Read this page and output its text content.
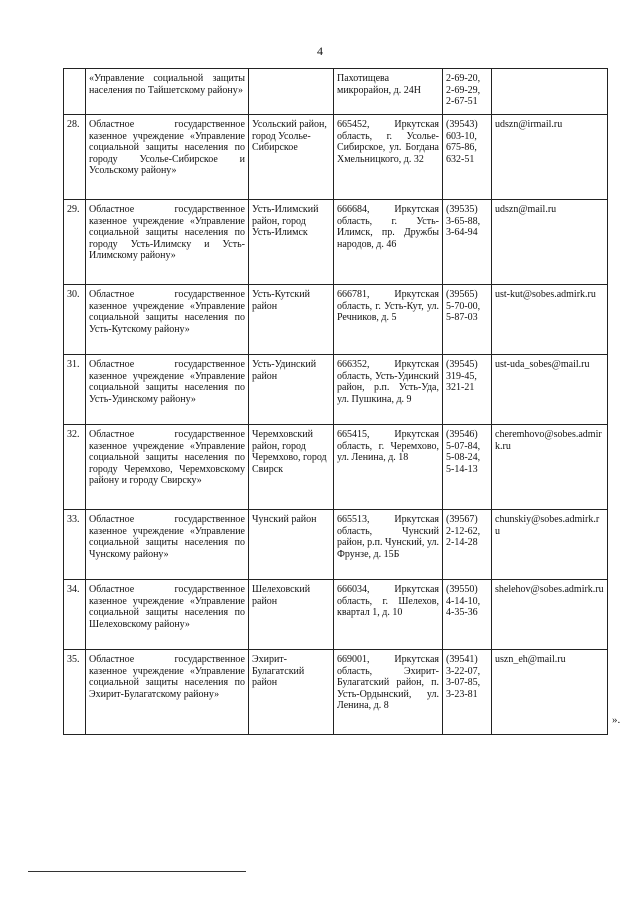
4
	«Управление социальной защиты населения по Тайшетскому району»		Пахотищева микрорайон, д. 24Н	2-69-20,
2-69-29,
2-67-51	
28.	Областное государственное казенное учреждение «Управление социальной защиты населения по городу Усолье-Сибирское и Усольскому району»	Усольский район, город Усолье-Сибирское	665452, Иркутская область, г. Усолье-Сибирское, ул. Богдана Хмельницкого, д. 32	(39543)
603-10,
675-86,
632-51	udszn@irmail.ru
29.	Областное государственное казенное учреждение «Управление социальной защиты населения по городу Усть-Илимску и Усть-Илимскому району»	Усть-Илимский район, город Усть-Илимск	666684, Иркутская область, г. Усть-Илимск, пр. Дружбы народов, д. 46	(39535)
3-65-88,
3-64-94	udszn@mail.ru
30.	Областное государственное казенное учреждение «Управление социальной защиты населения по Усть-Кутскому району»	Усть-Кутский район	666781, Иркутская область, г. Усть-Кут, ул. Речников, д. 5	(39565)
5-70-00,
5-87-03	ust-kut@sobes.admirk.ru
31.	Областное государственное казенное учреждение «Управление социальной защиты населения по Усть-Удинскому району»	Усть-Удинский район	666352, Иркутская область, Усть-Удинский район, р.п. Усть-Уда, ул. Пушкина, д. 9	(39545)
319-45,
321-21	ust-uda_sobes@mail.ru
32.	Областное государственное казенное учреждение «Управление социальной защиты населения по городу Черемхово, Черемховскому району и городу Свирску»	Черемховский район, город Черемхово, город Свирск	665415, Иркутская область, г. Черемхово, ул. Ленина, д. 18	(39546)
5-07-84,
5-08-24,
5-14-13	cheremhovo@sobes.admirk.ru
33.	Областное государственное казенное учреждение «Управление социальной защиты населения по Чунскому району»	Чунский район	665513, Иркутская область, Чунский район, р.п. Чунский, ул. Фрунзе, д. 15Б	(39567)
2-12-62,
2-14-28	chunskiy@sobes.admirk.ru
34.	Областное государственное казенное учреждение «Управление социальной защиты населения по Шелеховскому району»	Шелеховский район	666034, Иркутская область, г. Шелехов, квартал 1, д. 10	(39550)
4-14-10,
4-35-36	shelehov@sobes.admirk.ru
35.	Областное государственное казенное учреждение «Управление социальной защиты населения по Эхирит-Булагатскому району»	Эхирит-Булагатский район	669001, Иркутская область, Эхирит-Булагатский район, п. Усть-Ордынский, ул. Ленина, д. 8	(39541)
3-22-07,
3-07-85,
3-23-81	uszn_eh@mail.ru
».
